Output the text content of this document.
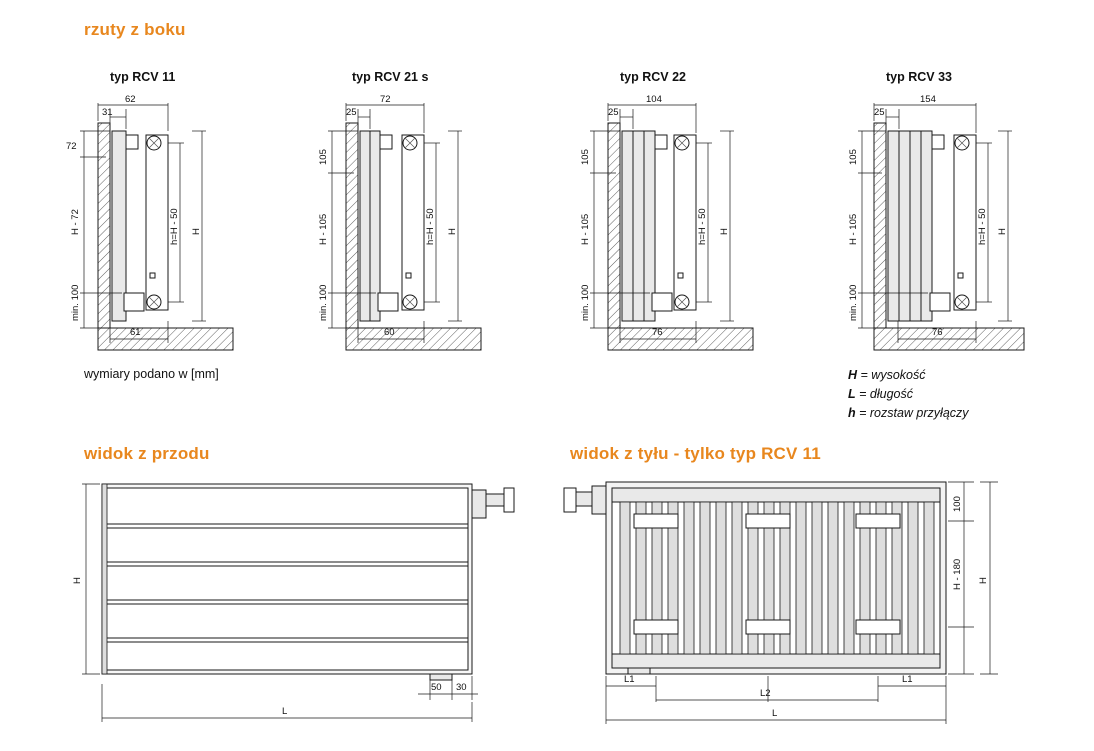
rzuty z boku
typ RCV 11	typ RCV 21 s	typ RCV 22	typ RCV 33
62
31
72
H - 72
min. 100
h=H - 50 H
61
72
25
105
H - 105
min. 100
h=H - 50 H
60
104
25
105
H - 105
min. 100
h=H - 50 H
76
154
25
105
H - 105
min. 100
h=H - 50 H
76
wymiary podano w [mm]	H = wysokość
L = długość
h = rozstaw przyłączy
widok z przodu	widok z tyłu - tylko typ RCV 11
H
50 30
L
100
H - 180 H
L1	L1
L2
L
